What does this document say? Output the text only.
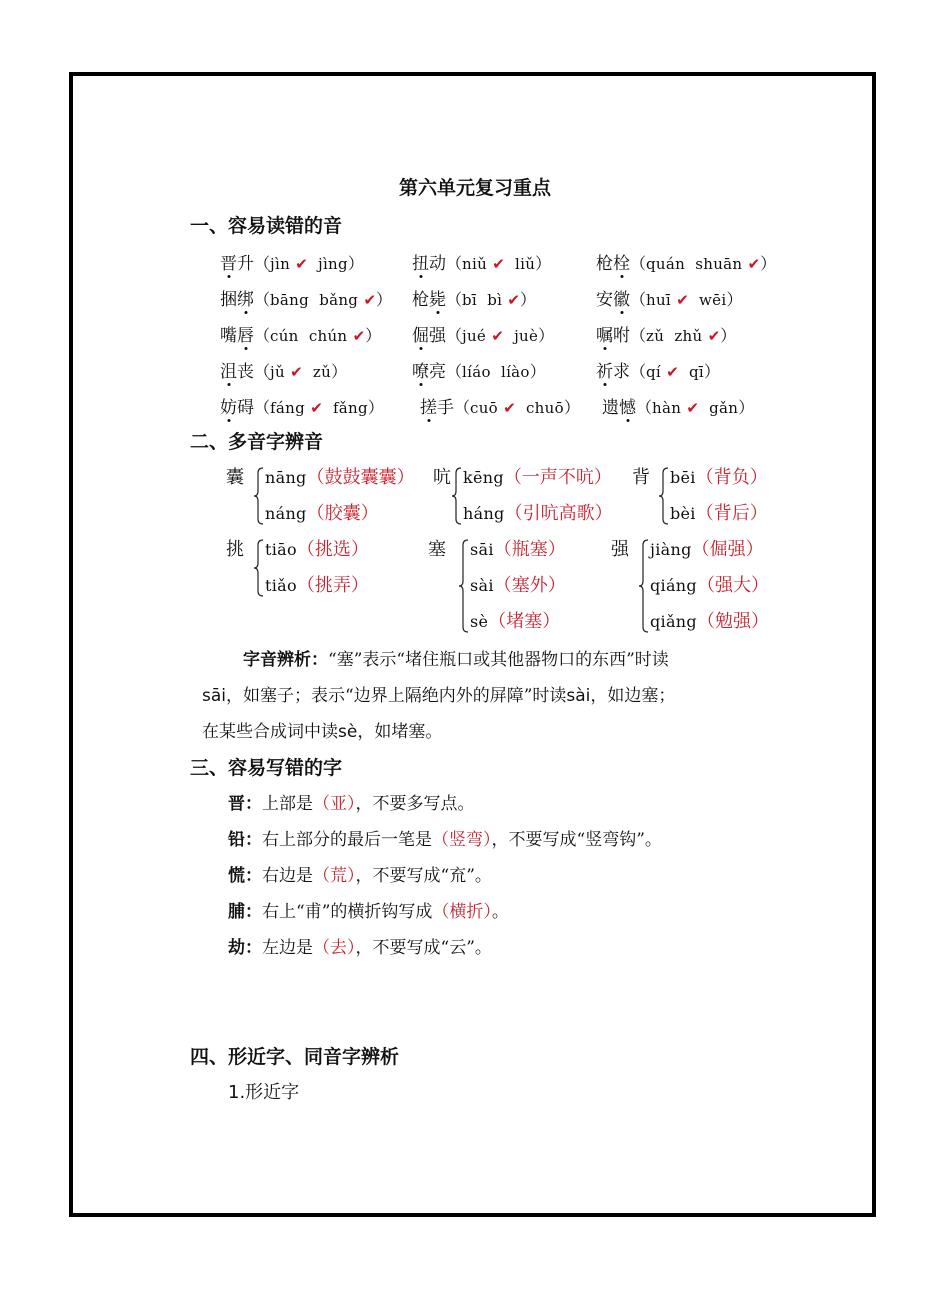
第六单元复习重点
一、容易读错的音
晋升（jìn ✔ jìng）	扭动（niǔ ✔ liǔ）	枪栓（quán shuān ✔）
捆绑（bāng bǎng ✔） 枪毙（bī bì ✔）	安徽（huī ✔ wēi）
嘴唇（cún chún ✔） 倔强（jué ✔ juè） 嘱咐（zǔ zhǔ ✔）
沮丧（jǔ ✔ zǔ）	嘹亮（líáo líào）	祈求（qí ✔ qī）
妨碍（fáng ✔ fǎng） 搓手（cuō ✔ chuō） 遗憾（hàn ✔ gǎn）
二、多音字辨音
囊 nāng（鼓鼓囊囊）
náng（胶囊）
吭 kēng（一声不吭）
háng（引吭高歌）
背 bēi（背负）
bèi（背后）
挑 tiāo（挑选）
tiǎo（挑弄）
塞 sāi（瓶塞）
sài（塞外）
sè（堵塞）
强 jiàng（倔强）
qiáng（强大）
qiǎng（勉强）
字音辨析：“塞”表示“堵住瓶口或其他器物口的东西”时读
sāi，如塞子；表示“边界上隔绝内外的屏障”时读sài，如边塞；
在某些合成词中读sè，如堵塞。
三、容易写错的字
晋：上部是（亚），不要多写点。
铅：右上部分的最后一笔是（竖弯），不要写成“竖弯钩”。
慌：右边是（荒），不要写成“㐬”。
脯：右上“甫”的横折钩写成（横折）。
劫：左边是（去），不要写成“云”。
四、形近字、同音字辨析
1.形近字
